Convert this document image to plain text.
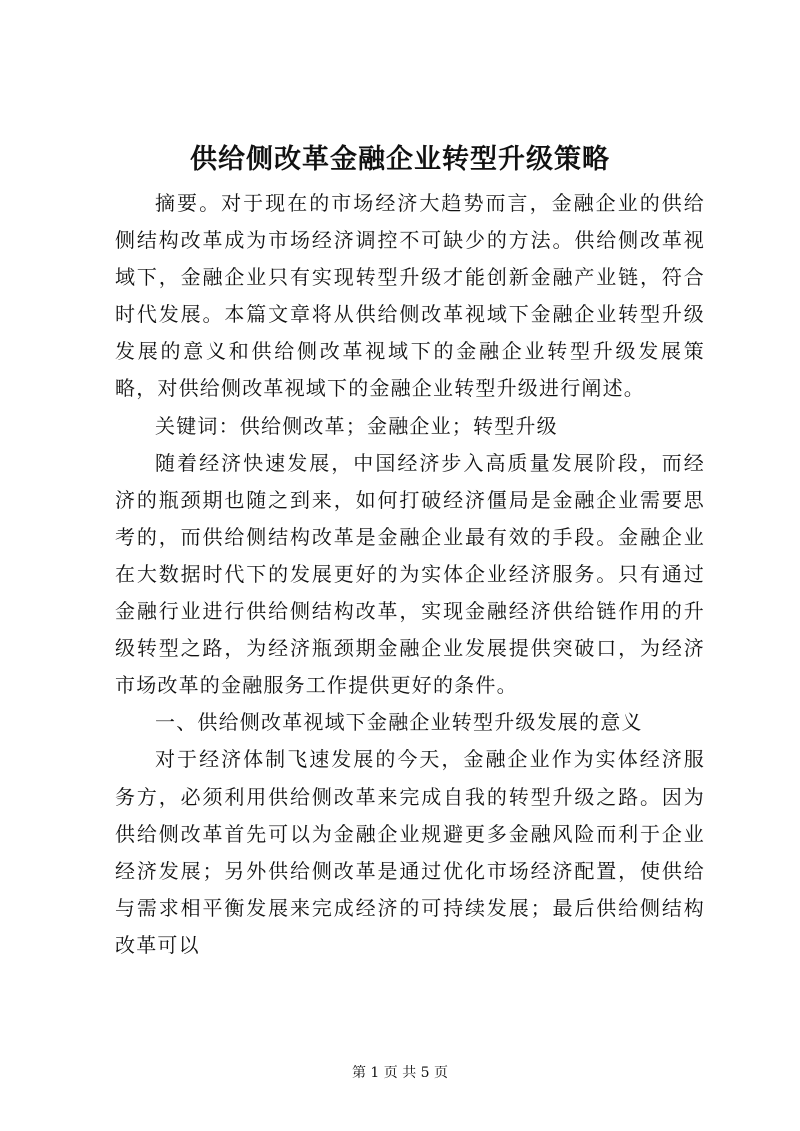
供给侧改革金融企业转型升级策略

摘要。对于现在的市场经济大趋势而言，金融企业的供给侧结构改革成为市场经济调控不可缺少的方法。供给侧改革视域下，金融企业只有实现转型升级才能创新金融产业链，符合时代发展。本篇文章将从供给侧改革视域下金融企业转型升级发展的意义和供给侧改革视域下的金融企业转型升级发展策略，对供给侧改革视域下的金融企业转型升级进行阐述。

关键词：供给侧改革；金融企业；转型升级

随着经济快速发展，中国经济步入高质量发展阶段，而经济的瓶颈期也随之到来，如何打破经济僵局是金融企业需要思考的，而供给侧结构改革是金融企业最有效的手段。金融企业在大数据时代下的发展更好的为实体企业经济服务。只有通过金融行业进行供给侧结构改革，实现金融经济供给链作用的升级转型之路，为经济瓶颈期金融企业发展提供突破口，为经济市场改革的金融服务工作提供更好的条件。

一、供给侧改革视域下金融企业转型升级发展的意义

对于经济体制飞速发展的今天，金融企业作为实体经济服务方，必须利用供给侧改革来完成自我的转型升级之路。因为供给侧改革首先可以为金融企业规避更多金融风险而利于企业经济发展；另外供给侧改革是通过优化市场经济配置，使供给与需求相平衡发展来完成经济的可持续发展；最后供给侧结构改革可以

第 1 页 共 5 页
